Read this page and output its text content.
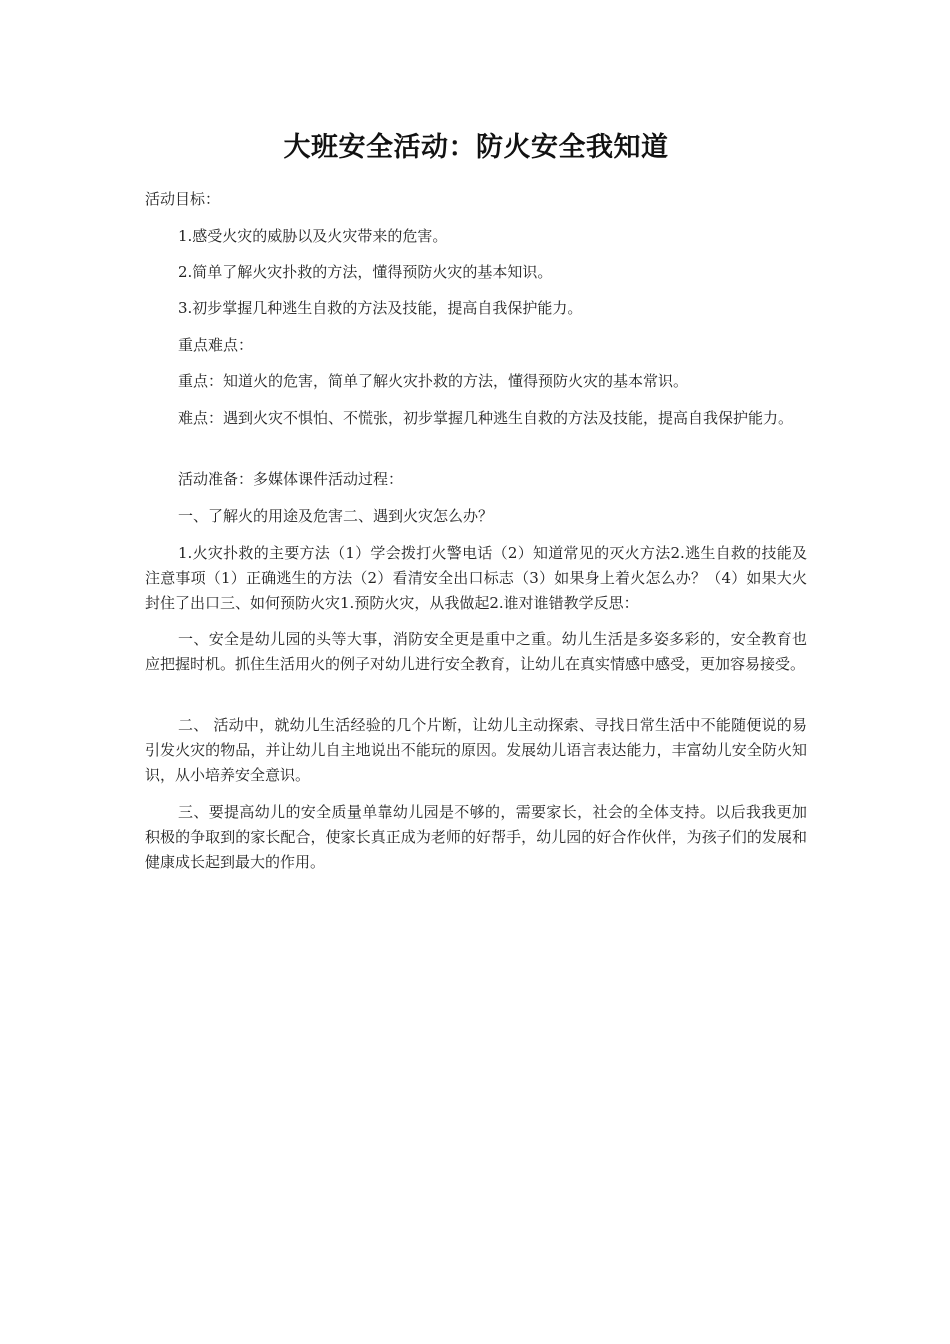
大班安全活动：防火安全我知道

活动目标：

1.感受火灾的威胁以及火灾带来的危害。

2.简单了解火灾扑救的方法，懂得预防火灾的基本知识。

3.初步掌握几种逃生自救的方法及技能，提高自我保护能力。

重点难点：

重点：知道火的危害，简单了解火灾扑救的方法，懂得预防火灾的基本常识。

难点：遇到火灾不惧怕、不慌张，初步掌握几种逃生自救的方法及技能，提高自我保护能力。

活动准备：多媒体课件活动过程：

一、了解火的用途及危害二、遇到火灾怎么办？

1.火灾扑救的主要方法（1）学会拨打火警电话（2）知道常见的灭火方法2.逃生自救的技能及注意事项（1）正确逃生的方法（2）看清安全出口标志（3）如果身上着火怎么办？（4）如果大火封住了出口三、如何预防火灾1.预防火灾，从我做起2.谁对谁错教学反思：

一、安全是幼儿园的头等大事，消防安全更是重中之重。幼儿生活是多姿多彩的，安全教育也应把握时机。抓住生活用火的例子对幼儿进行安全教育，让幼儿在真实情感中感受，更加容易接受。

二、 活动中，就幼儿生活经验的几个片断，让幼儿主动探索、寻找日常生活中不能随便说的易引发火灾的物品，并让幼儿自主地说出不能玩的原因。发展幼儿语言表达能力，丰富幼儿安全防火知识，从小培养安全意识。

三、要提高幼儿的安全质量单靠幼儿园是不够的，需要家长，社会的全体支持。以后我我更加积极的争取到的家长配合，使家长真正成为老师的好帮手，幼儿园的好合作伙伴，为孩子们的发展和健康成长起到最大的作用。
